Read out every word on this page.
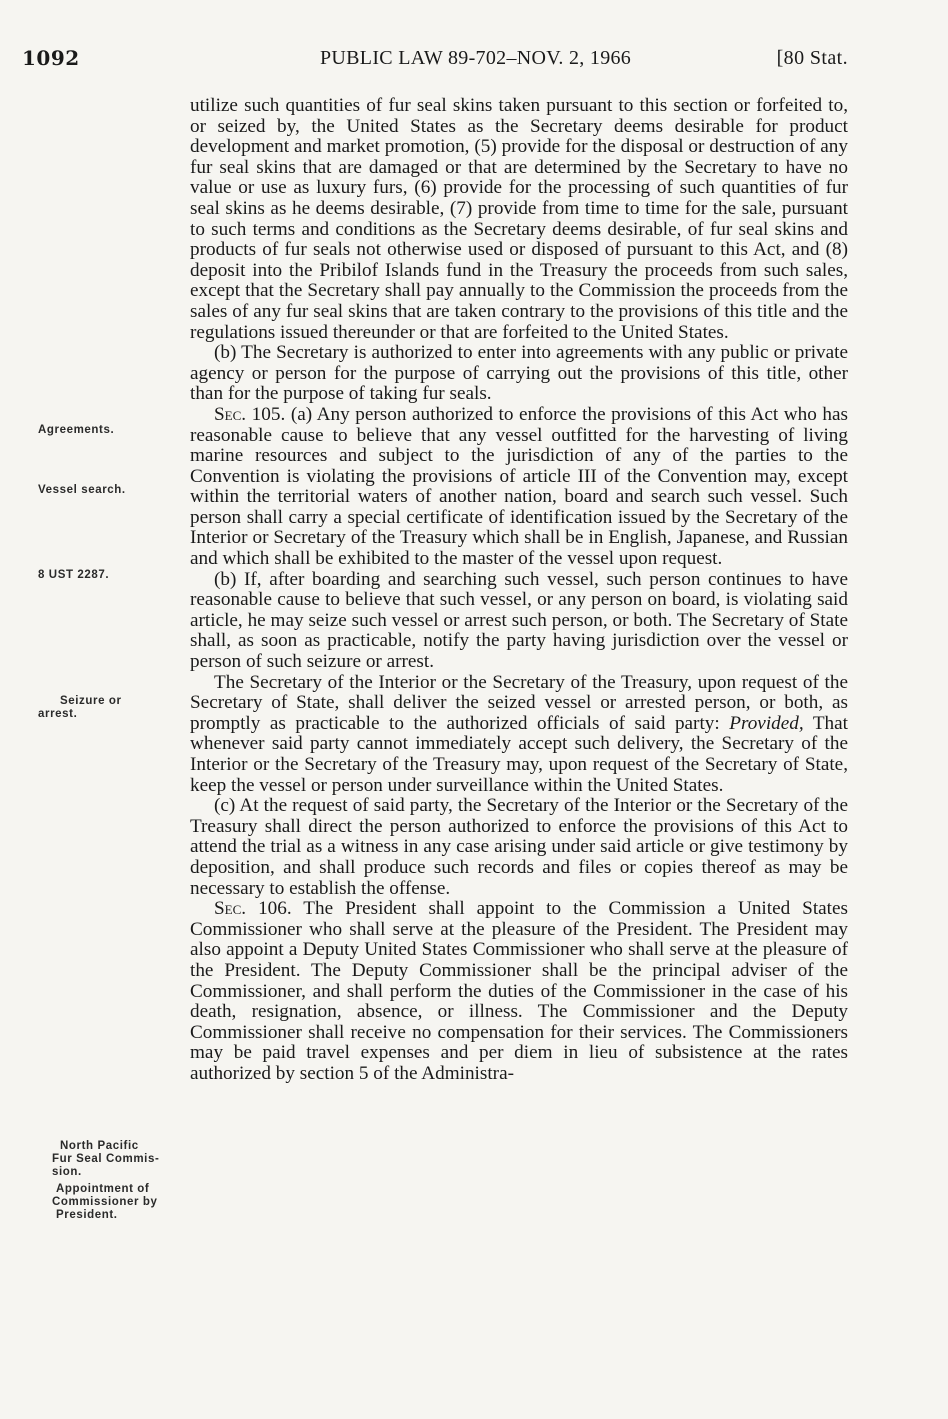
1092	PUBLIC LAW 89-702–NOV. 2, 1966	[80 Stat.
Agreements.
Vessel search.
8 UST 2287.
Seizure or
arrest.
North Pacific
Fur Seal Commis-
sion.
Appointment of
Commissioner by
President.

utilize such quantities of fur seal skins taken pursuant to this section or forfeited to, or seized by, the United States as the Secretary deems desirable for product development and market promotion, (5) provide for the disposal or destruction of any fur seal skins that are damaged or that are determined by the Secretary to have no value or use as luxury furs, (6) provide for the processing of such quantities of fur seal skins as he deems desirable, (7) provide from time to time for the sale, pursuant to such terms and conditions as the Secretary deems desirable, of fur seal skins and products of fur seals not otherwise used or disposed of pursuant to this Act, and (8) deposit into the Pribilof Islands fund in the Treasury the proceeds from such sales, except that the Secretary shall pay annually to the Commission the proceeds from the sales of any fur seal skins that are taken contrary to the provisions of this title and the regulations issued thereunder or that are forfeited to the United States.

(b) The Secretary is authorized to enter into agreements with any public or private agency or person for the purpose of carrying out the provisions of this title, other than for the purpose of taking fur seals.

Sec. 105. (a) Any person authorized to enforce the provisions of this Act who has reasonable cause to believe that any vessel outfitted for the harvesting of living marine resources and subject to the jurisdiction of any of the parties to the Convention is violating the provisions of article III of the Convention may, except within the territorial waters of another nation, board and search such vessel. Such person shall carry a special certificate of identification issued by the Secretary of the Interior or Secretary of the Treasury which shall be in English, Japanese, and Russian and which shall be exhibited to the master of the vessel upon request.

(b) If, after boarding and searching such vessel, such person continues to have reasonable cause to believe that such vessel, or any person on board, is violating said article, he may seize such vessel or arrest such person, or both. The Secretary of State shall, as soon as practicable, notify the party having jurisdiction over the vessel or person of such seizure or arrest.

The Secretary of the Interior or the Secretary of the Treasury, upon request of the Secretary of State, shall deliver the seized vessel or arrested person, or both, as promptly as practicable to the authorized officials of said party: Provided, That whenever said party cannot immediately accept such delivery, the Secretary of the Interior or the Secretary of the Treasury may, upon request of the Secretary of State, keep the vessel or person under surveillance within the United States.

(c) At the request of said party, the Secretary of the Interior or the Secretary of the Treasury shall direct the person authorized to enforce the provisions of this Act to attend the trial as a witness in any case arising under said article or give testimony by deposition, and shall produce such records and files or copies thereof as may be necessary to establish the offense.

Sec. 106. The President shall appoint to the Commission a United States Commissioner who shall serve at the pleasure of the President. The President may also appoint a Deputy United States Commissioner who shall serve at the pleasure of the President. The Deputy Commissioner shall be the principal adviser of the Commissioner, and shall perform the duties of the Commissioner in the case of his death, resignation, absence, or illness. The Commissioner and the Deputy Commissioner shall receive no compensation for their services. The Commissioners may be paid travel expenses and per diem in lieu of subsistence at the rates authorized by section 5 of the Administra-
